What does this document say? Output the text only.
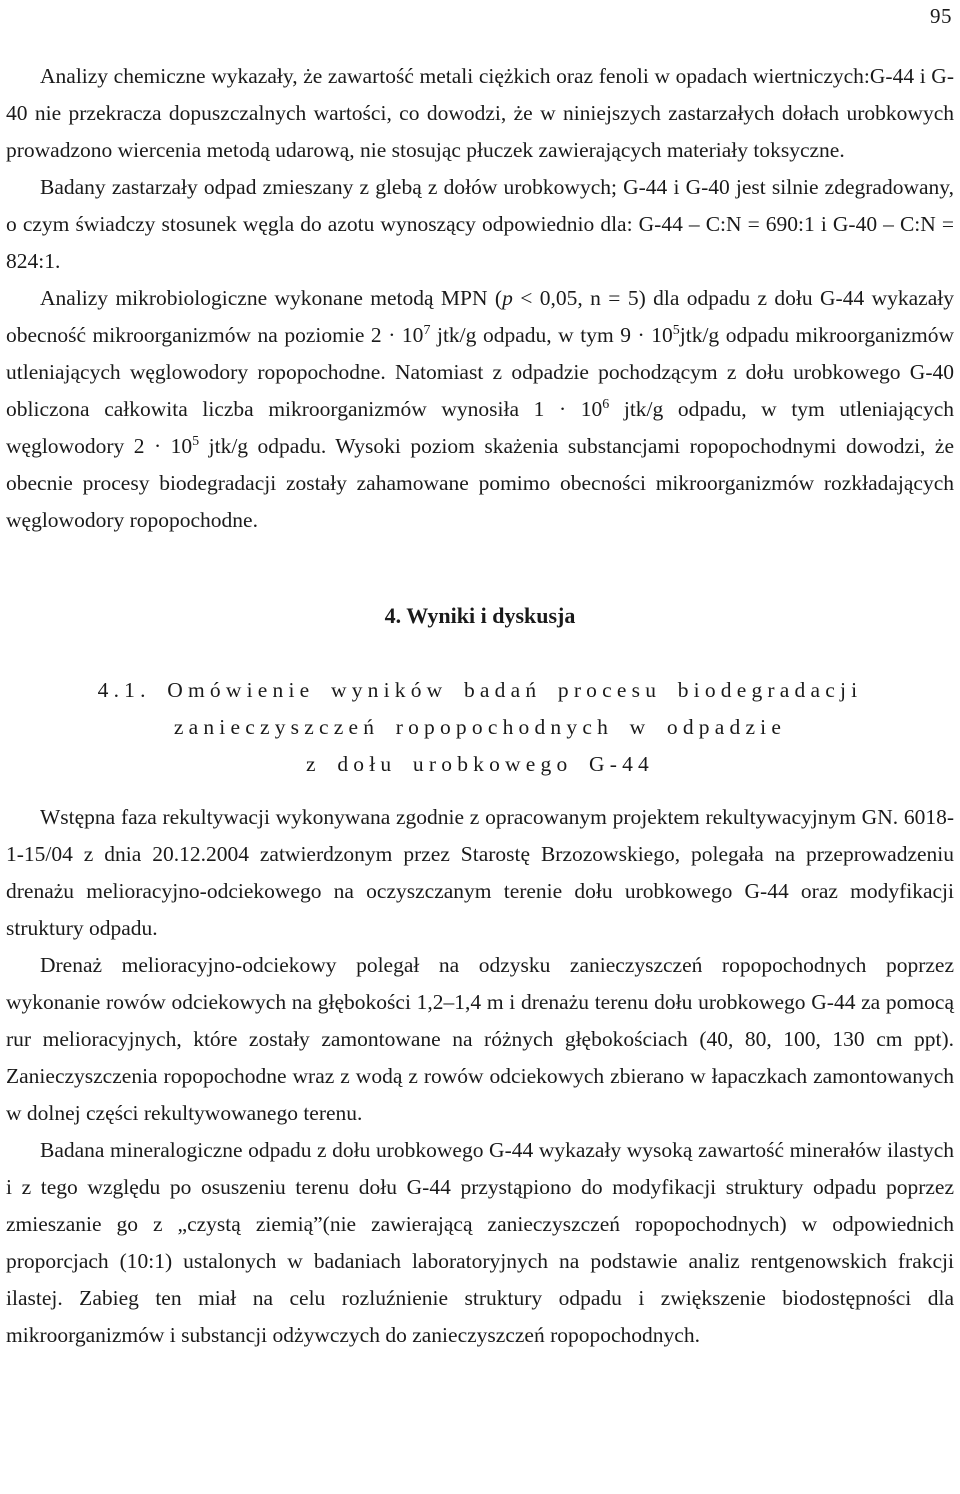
95

Analizy chemiczne wykazały, że zawartość metali ciężkich oraz fenoli w opadach wiertniczych:G-44 i G-40 nie przekracza dopuszczalnych wartości, co dowodzi, że w niniejszych zastarzałych dołach urobkowych prowadzono wiercenia metodą udarową, nie stosując płuczek zawierających materiały toksyczne.

Badany zastarzały odpad zmieszany z glebą z dołów urobkowych; G-44 i G-40 jest silnie zdegradowany, o czym świadczy stosunek węgla do azotu wynoszący odpowiednio dla: G-44 – C:N = 690:1 i G-40 – C:N = 824:1.

Analizy mikrobiologiczne wykonane metodą MPN (p < 0,05, n = 5) dla odpadu z dołu G-44 wykazały obecność mikroorganizmów na poziomie $2 \cdot 10^7$ jtk/g odpadu, w tym $9 \cdot 10^5jtk/g$ odpadu mikroorganizmów utleniających węglowodory ropopochodne. Natomiast z odpadzie pochodzącym z dołu urobkowego G-40 obliczona całkowita liczba mikroorganizmów wynosiła $1 \cdot 10^6$ jtk/g odpadu, w tym utleniających węglowodory $2 \cdot 10^5$ jtk/g odpadu. Wysoki poziom skażenia substancjami ropopochodnymi dowodzi, że obecnie procesy biodegradacji zostały zahamowane pomimo obecności mikroorganizmów rozkładających węglowodory ropopochodne.

4. Wyniki i dyskusja
4.1. Omówienie wyników badań procesu biodegradacji
zanieczyszczeń ropopochodnych w odpadzie
z dołu urobkowego G-44

Wstępna faza rekultywacji wykonywana zgodnie z opracowanym projektem rekultywacyjnym GN. 6018-1-15/04 z dnia 20.12.2004 zatwierdzonym przez Starostę Brzozowskiego, polegała na przeprowadzeniu drenażu melioracyjno-odciekowego na oczyszczanym terenie dołu urobkowego G-44 oraz modyfikacji struktury odpadu.

Drenaż melioracyjno-odciekowy polegał na odzysku zanieczyszczeń ropopochodnych poprzez wykonanie rowów odciekowych na głębokości 1,2–1,4 m i drenażu terenu dołu urobkowego G-44 za pomocą rur melioracyjnych, które zostały zamontowane na różnych głębokościach (40, 80, 100, 130 cm ppt). Zanieczyszczenia ropopochodne wraz z wodą z rowów odciekowych zbierano w łapaczkach zamontowanych w dolnej części rekultywowanego terenu.

Badana mineralogiczne odpadu z dołu urobkowego G-44 wykazały wysoką zawartość minerałów ilastych i z tego względu po osuszeniu terenu dołu G-44 przystąpiono do modyfikacji struktury odpadu poprzez zmieszanie go z „czystą ziemią”(nie zawierającą zanieczyszczeń ropopochodnych) w odpowiednich proporcjach (10:1) ustalonych w badaniach laboratoryjnych na podstawie analiz rentgenowskich frakcji ilastej. Zabieg ten miał na celu rozluźnienie struktury odpadu i zwiększenie biodostępności dla mikroorganizmów i substancji odżywczych do zanieczyszczeń ropopochodnych.
